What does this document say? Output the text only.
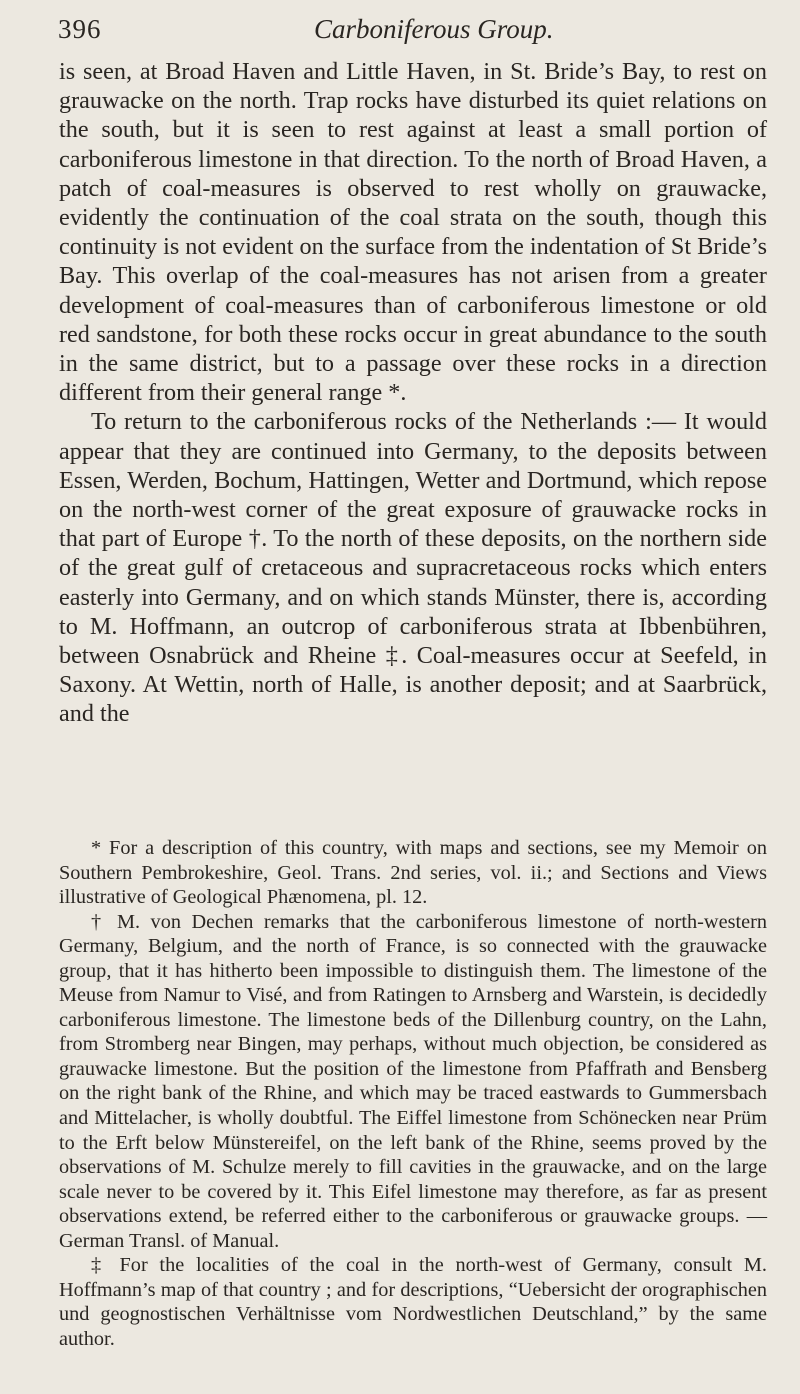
396	Carboniferous Group.

is seen, at Broad Haven and Little Haven, in St. Bride’s Bay, to rest on grauwacke on the north. Trap rocks have disturbed its quiet relations on the south, but it is seen to rest against at least a small portion of carboniferous limestone in that direction. To the north of Broad Haven, a patch of coal-measures is observed to rest wholly on grauwacke, evidently the continuation of the coal strata on the south, though this continuity is not evident on the surface from the indentation of St Bride’s Bay. This overlap of the coal-measures has not arisen from a greater development of coal-measures than of carboniferous limestone or old red sandstone, for both these rocks occur in great abundance to the south in the same district, but to a passage over these rocks in a direction different from their general range *.

To return to the carboniferous rocks of the Netherlands :— It would appear that they are continued into Germany, to the deposits between Essen, Werden, Bochum, Hattingen, Wetter and Dortmund, which repose on the north-west corner of the great exposure of grauwacke rocks in that part of Europe †. To the north of these deposits, on the northern side of the great gulf of cretaceous and supracretaceous rocks which enters easterly into Germany, and on which stands Münster, there is, according to M. Hoffmann, an outcrop of carboniferous strata at Ibbenbühren, between Osnabrück and Rheine ‡. Coal-measures occur at Seefeld, in Saxony. At Wettin, north of Halle, is another deposit; and at Saarbrück, and the

* For a description of this country, with maps and sections, see my Memoir on Southern Pembrokeshire, Geol. Trans. 2nd series, vol. ii.; and Sections and Views illustrative of Geological Phænomena, pl. 12.

† M. von Dechen remarks that the carboniferous limestone of north-western Germany, Belgium, and the north of France, is so connected with the grauwacke group, that it has hitherto been impossible to distinguish them. The limestone of the Meuse from Namur to Visé, and from Ratingen to Arnsberg and Warstein, is decidedly carboniferous limestone. The limestone beds of the Dillenburg country, on the Lahn, from Stromberg near Bingen, may perhaps, without much objection, be considered as grauwacke limestone. But the position of the limestone from Pfaffrath and Bensberg on the right bank of the Rhine, and which may be traced eastwards to Gummersbach and Mittelacher, is wholly doubtful. The Eiffel limestone from Schönecken near Prüm to the Erft below Münstereifel, on the left bank of the Rhine, seems proved by the observations of M. Schulze merely to fill cavities in the grauwacke, and on the large scale never to be covered by it. This Eifel limestone may therefore, as far as present observations extend, be referred either to the carboniferous or grauwacke groups. —German Transl. of Manual.

‡ For the localities of the coal in the north-west of Germany, consult M. Hoffmann’s map of that country ; and for descriptions, “Uebersicht der orographischen und geognostischen Verhältnisse vom Nordwestlichen Deutschland,” by the same author.
